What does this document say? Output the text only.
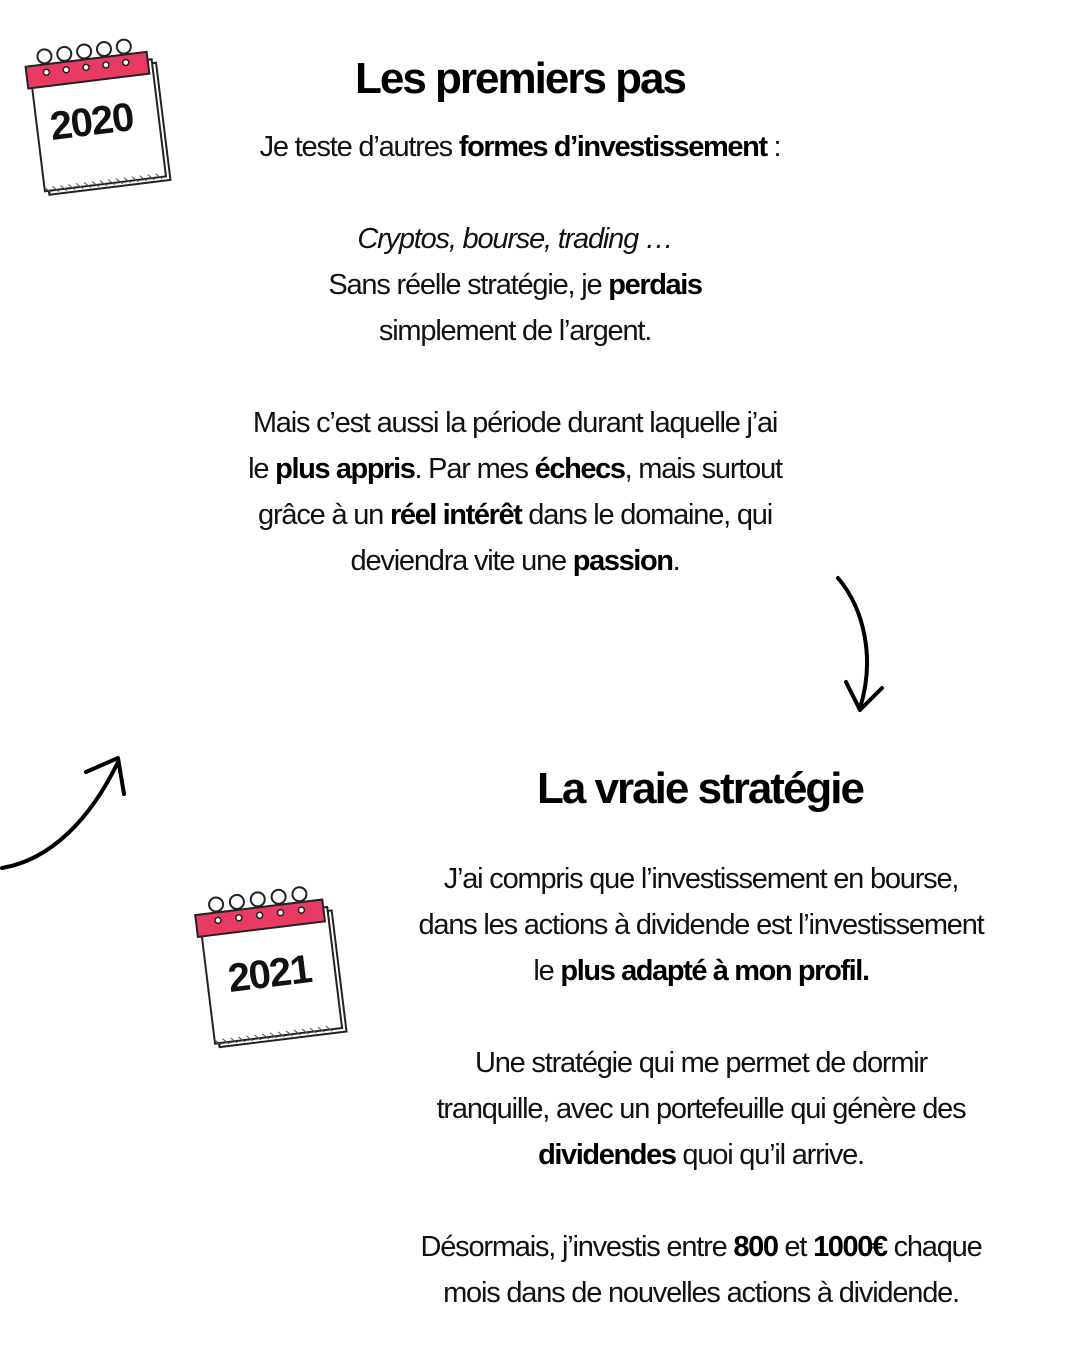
2020
Les premiers pas

Je teste d’autres formes d’investissement :

Cryptos, bourse, trading …

Sans réelle stratégie, je perdais

simplement de l’argent.

Mais c’est aussi la période durant laquelle j’ai

le plus appris. Par mes échecs, mais surtout

grâce à un réel intérêt dans le domaine, qui

deviendra vite une passion.

La vraie stratégie
2021

J’ai compris que l’investissement en bourse,

dans les actions à dividende est l’investissement

le plus adapté à mon profil.

Une stratégie qui me permet de dormir

tranquille, avec un portefeuille qui génère des

dividendes quoi qu’il arrive.

Désormais, j’investis entre 800 et 1000€ chaque

mois dans de nouvelles actions à dividende.
